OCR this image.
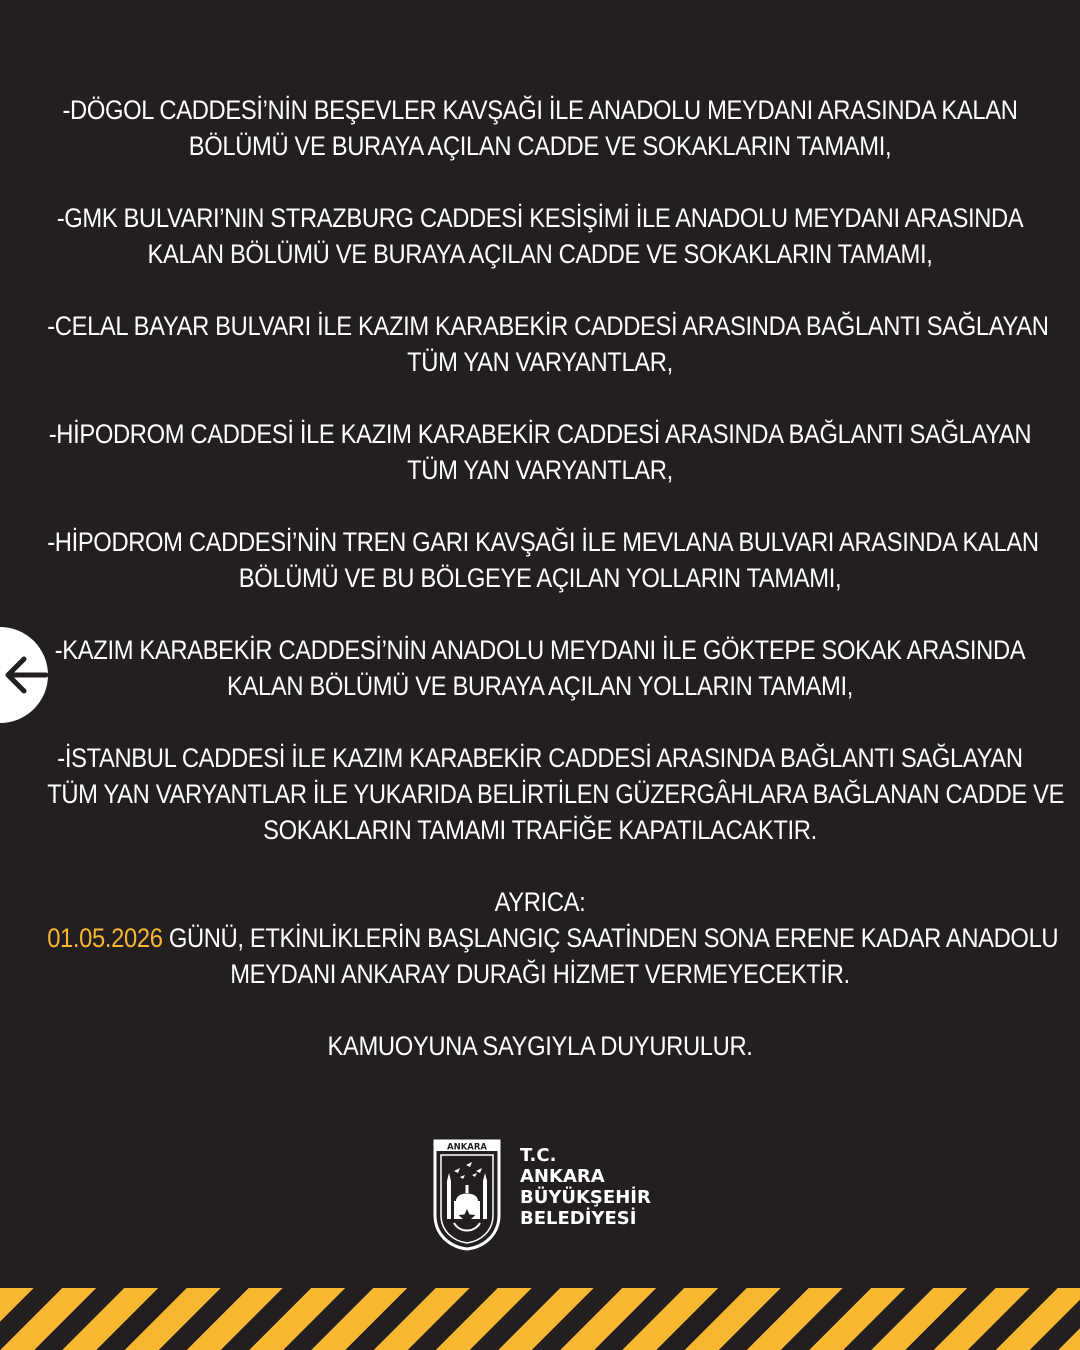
-DÖGOL CADDESİ’NİN BEŞEVLER KAVŞAĞI İLE ANADOLU MEYDANI ARASINDA KALAN
BÖLÜMÜ VE BURAYA AÇILAN CADDE VE SOKAKLARIN TAMAMI,
-GMK BULVARI’NIN STRAZBURG CADDESİ KESİŞİMİ İLE ANADOLU MEYDANI ARASINDA
KALAN BÖLÜMÜ VE BURAYA AÇILAN CADDE VE SOKAKLARIN TAMAMI,
-CELAL BAYAR BULVARI İLE KAZIM KARABEKİR CADDESİ ARASINDA BAĞLANTI SAĞLAYAN
TÜM YAN VARYANTLAR,
-HİPODROM CADDESİ İLE KAZIM KARABEKİR CADDESİ ARASINDA BAĞLANTI SAĞLAYAN
TÜM YAN VARYANTLAR,
-HİPODROM CADDESİ’NİN TREN GARI KAVŞAĞI İLE MEVLANA BULVARI ARASINDA KALAN
BÖLÜMÜ VE BU BÖLGEYE AÇILAN YOLLARIN TAMAMI,
-KAZIM KARABEKİR CADDESİ’NİN ANADOLU MEYDANI İLE GÖKTEPE SOKAK ARASINDA
KALAN BÖLÜMÜ VE BURAYA AÇILAN YOLLARIN TAMAMI,
-İSTANBUL CADDESİ İLE KAZIM KARABEKİR CADDESİ ARASINDA BAĞLANTI SAĞLAYAN
TÜM YAN VARYANTLAR İLE YUKARIDA BELİRTİLEN GÜZERGÂHLARA BAĞLANAN CADDE VE
SOKAKLARIN TAMAMI TRAFİĞE KAPATILACAKTIR.
AYRICA:
01.05.2026 GÜNÜ, ETKİNLİKLERİN BAŞLANGIÇ SAATİNDEN SONA ERENE KADAR ANADOLU
MEYDANI ANKARAY DURAĞI HİZMET VERMEYECEKTİR.
KAMUOYUNA SAYGIYLA DUYURULUR.
ANKARA T.C.
ANKARA
BÜYÜKŞEHİR
BELEDİYESİ
